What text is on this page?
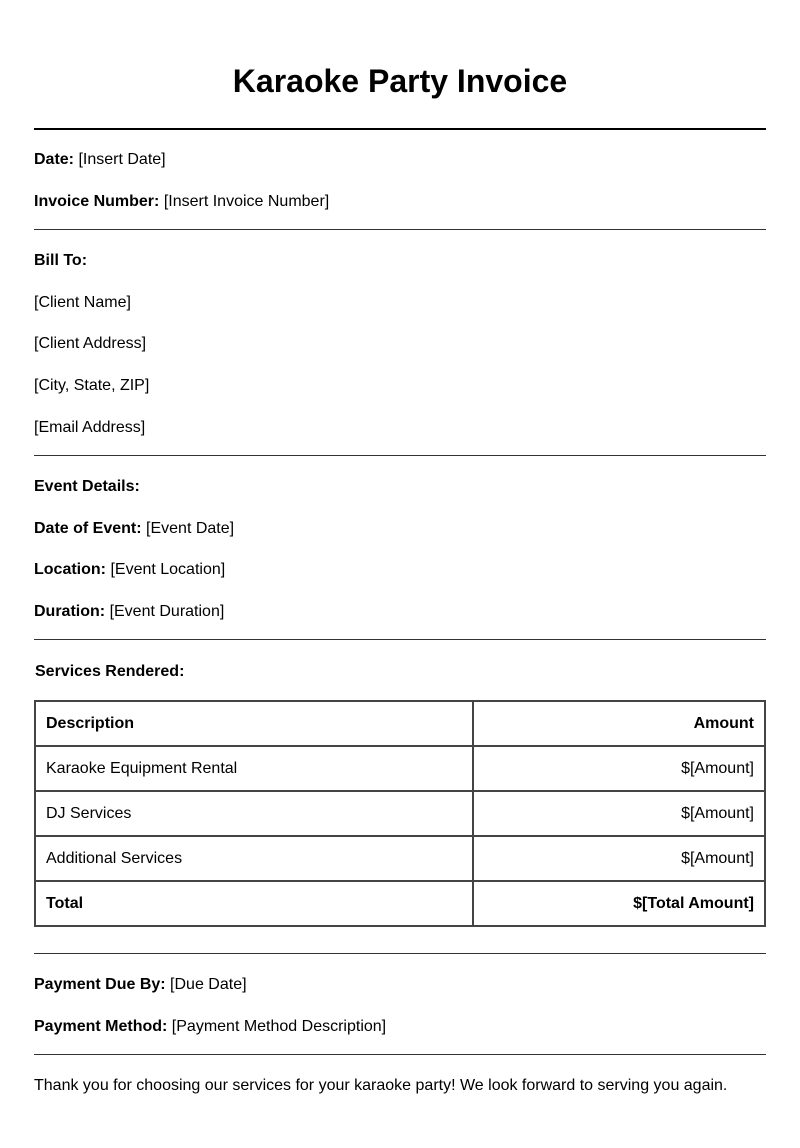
Karaoke Party Invoice
Date: [Insert Date]
Invoice Number: [Insert Invoice Number]
Bill To:
[Client Name]
[Client Address]
[City, State, ZIP]
[Email Address]
Event Details:
Date of Event: [Event Date]
Location: [Event Location]
Duration: [Event Duration]
Services Rendered:
Description	Amount
Karaoke Equipment Rental	$[Amount]
DJ Services	$[Amount]
Additional Services	$[Amount]
Total	$[Total Amount]
Payment Due By: [Due Date]
Payment Method: [Payment Method Description]
Thank you for choosing our services for your karaoke party! We look forward to serving you again.
